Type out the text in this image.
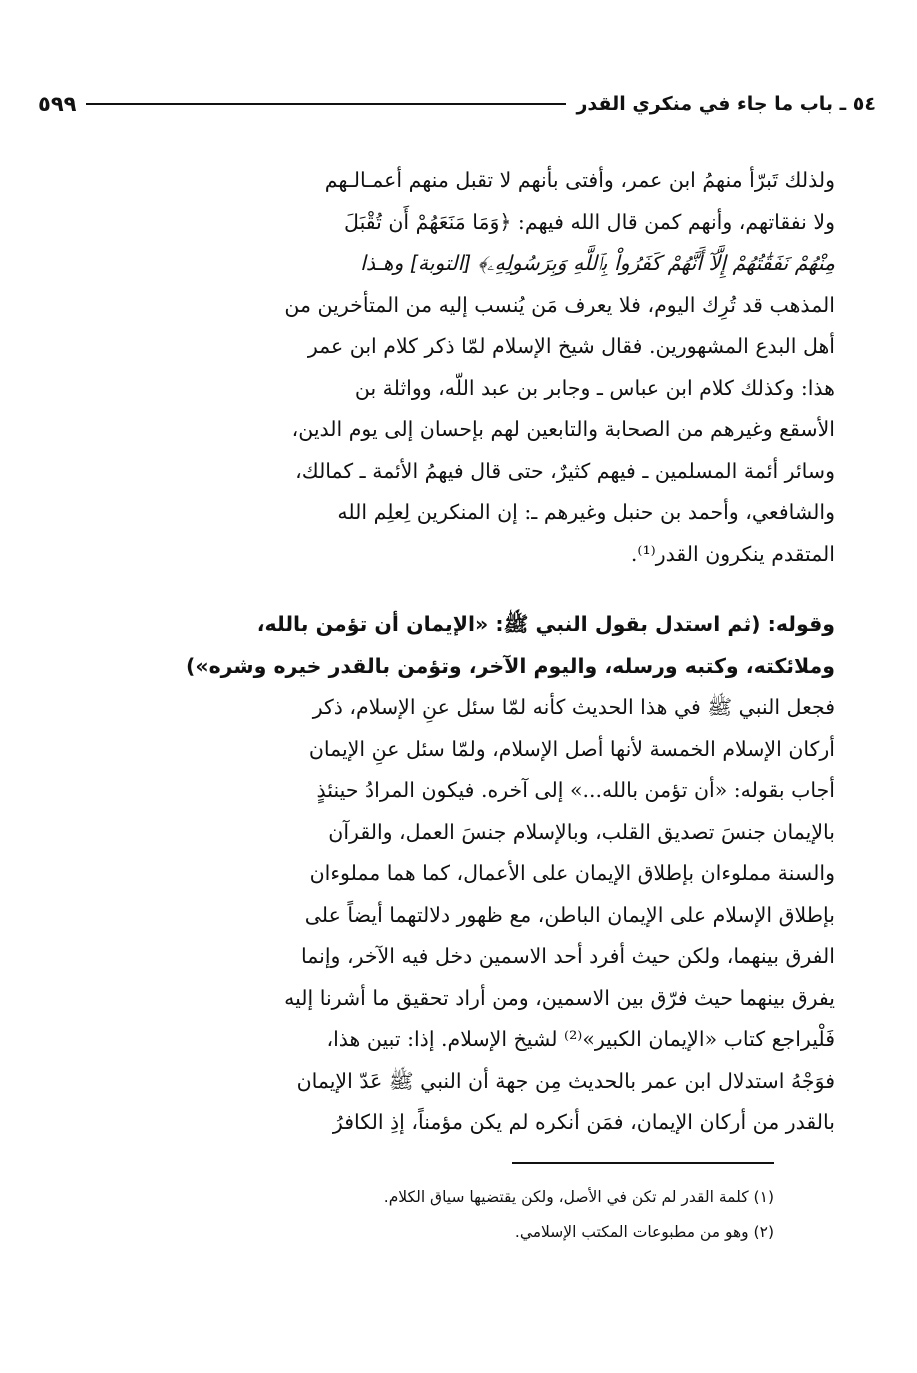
٥٤ ـ باب ما جاء في منكري القدر
٥٩٩
ولذلك تَبرّأ منهمُ ابن عمر، وأفتى بأنهم لا تقبل منهم أعمـالـهم
ولا نفقاتهم، وأنهم كمن قال الله فيهم: ﴿وَمَا مَنَعَهُمْ أَن تُقْبَلَ
مِنْهُمْ نَفَقَٰتُهُمْ إِلَّآ أَنَّهُمْ كَفَرُواْ بِٱللَّهِ وَبِرَسُولِهِۦ﴾ [التوبة] وهـذا
المذهب قد تُرِك اليوم، فلا يعرف مَن يُنسب إليه من المتأخرين من
أهل البدع المشهورين. فقال شيخ الإسلام لمّا ذكر كلام ابن عمر
هذا: وكذلك كلام ابن عباس ـ وجابر بن عبد اللّه، وواثلة بن
الأسقع وغيرهم من الصحابة والتابعين لهم بإحسان إلى يوم الدين،
وسائر أئمة المسلمين ـ فيهم كثيرٌ، حتى قال فيهمُ الأئمة ـ كمالك،
والشافعي، وأحمد بن حنبل وغيرهم ـ: إن المنكرين لِعلِم الله
المتقدم ينكرون القدر⁽¹⁾.
وقوله: (ثم استدل بقول النبي ﷺ: «الإيمان أن تؤمن بالله،
وملائكته، وكتبه ورسله، واليوم الآخر، وتؤمن بالقدر خيره وشره»)
فجعل النبي ﷺ في هذا الحديث كأنه لمّا سئل عنِ الإسلام، ذكر
أركان الإسلام الخمسة لأنها أصل الإسلام، ولمّا سئل عنِ الإيمان
أجاب بقوله: «أن تؤمن بالله...» إلى آخره. فيكون المرادُ حينئذٍ
بالإيمان جنسَ تصديق القلب، وبالإسلام جنسَ العمل، والقرآن
والسنة مملوءان بإطلاق الإيمان على الأعمال، كما هما مملوءان
بإطلاق الإسلام على الإيمان الباطن، مع ظهور دلالتهما أيضاً على
الفرق بينهما، ولكن حيث أفرد أحد الاسمين دخل فيه الآخر، وإنما
يفرق بينهما حيث فرّق بين الاسمين، ومن أراد تحقيق ما أشرنا إليه
فَلْيراجع كتاب «الإيمان الكبير»⁽²⁾ لشيخ الإسلام. إذا: تبين هذا،
فوَجْهُ استدلال ابن عمر بالحديث مِن جهة أن النبي ﷺ عَدّ الإيمان
بالقدر من أركان الإيمان، فمَن أنكره لم يكن مؤمناً، إذِ الكافرُ
(١) كلمة القدر لم تكن في الأصل، ولكن يقتضيها سياق الكلام.
(٢) وهو من مطبوعات المكتب الإسلامي.
